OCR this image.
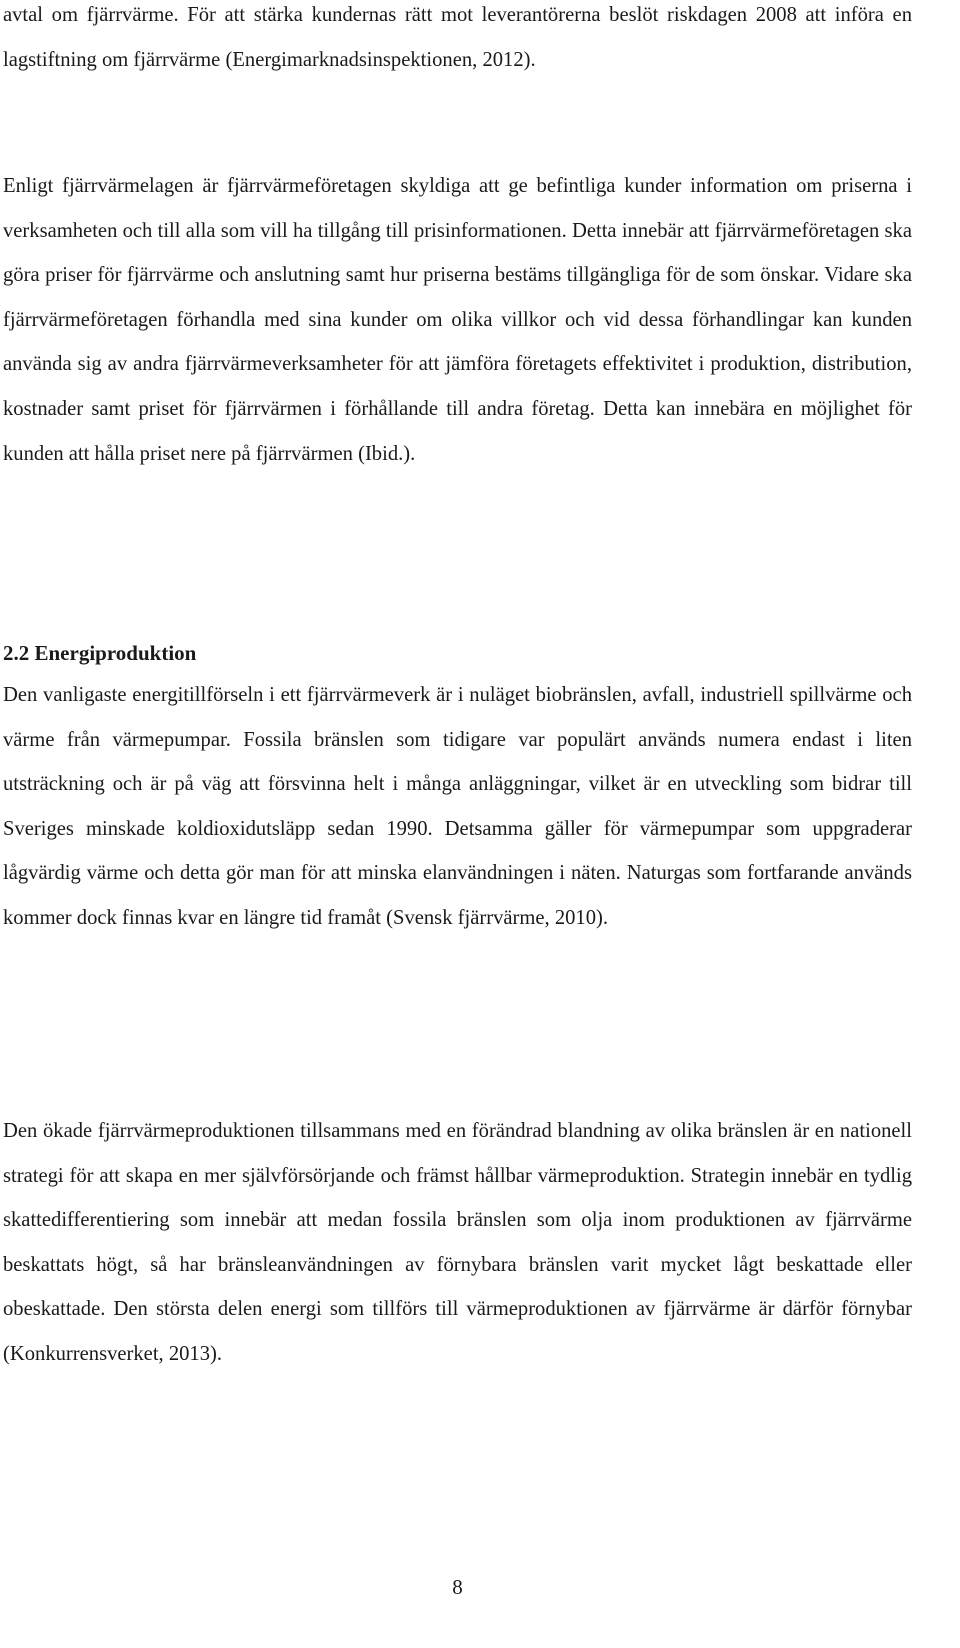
avtal om fjärrvärme. För att stärka kundernas rätt mot leverantörerna beslöt riskdagen 2008 att införa en lagstiftning om fjärrvärme (Energimarknadsinspektionen, 2012).

Enligt fjärrvärmelagen är fjärrvärmeföretagen skyldiga att ge befintliga kunder information om priserna i verksamheten och till alla som vill ha tillgång till prisinformationen. Detta innebär att fjärrvärmeföretagen ska göra priser för fjärrvärme och anslutning samt hur priserna bestäms tillgängliga för de som önskar. Vidare ska fjärrvärmeföretagen förhandla med sina kunder om olika villkor och vid dessa förhandlingar kan kunden använda sig av andra fjärrvärmeverksamheter för att jämföra företagets effektivitet i produktion, distribution, kostnader samt priset för fjärrvärmen i förhållande till andra företag. Detta kan innebära en möjlighet för kunden att hålla priset nere på fjärrvärmen (Ibid.).

2.2 Energiproduktion

Den vanligaste energitillförseln i ett fjärrvärmeverk är i nuläget biobränslen, avfall, industriell spillvärme och värme från värmepumpar. Fossila bränslen som tidigare var populärt används numera endast i liten utsträckning och är på väg att försvinna helt i många anläggningar, vilket är en utveckling som bidrar till Sveriges minskade koldioxidutsläpp sedan 1990. Detsamma gäller för värmepumpar som uppgraderar lågvärdig värme och detta gör man för att minska elanvändningen i näten. Naturgas som fortfarande används kommer dock finnas kvar en längre tid framåt (Svensk fjärrvärme, 2010).

Den ökade fjärrvärmeproduktionen tillsammans med en förändrad blandning av olika bränslen är en nationell strategi för att skapa en mer självförsörjande och främst hållbar värmeproduktion. Strategin innebär en tydlig skattedifferentiering som innebär att medan fossila bränslen som olja inom produktionen av fjärrvärme beskattats högt, så har bränsleanvändningen av förnybara bränslen varit mycket lågt beskattade eller obeskattade. Den största delen energi som tillförs till värmeproduktionen av fjärrvärme är därför förnybar (Konkurrensverket, 2013).

8
